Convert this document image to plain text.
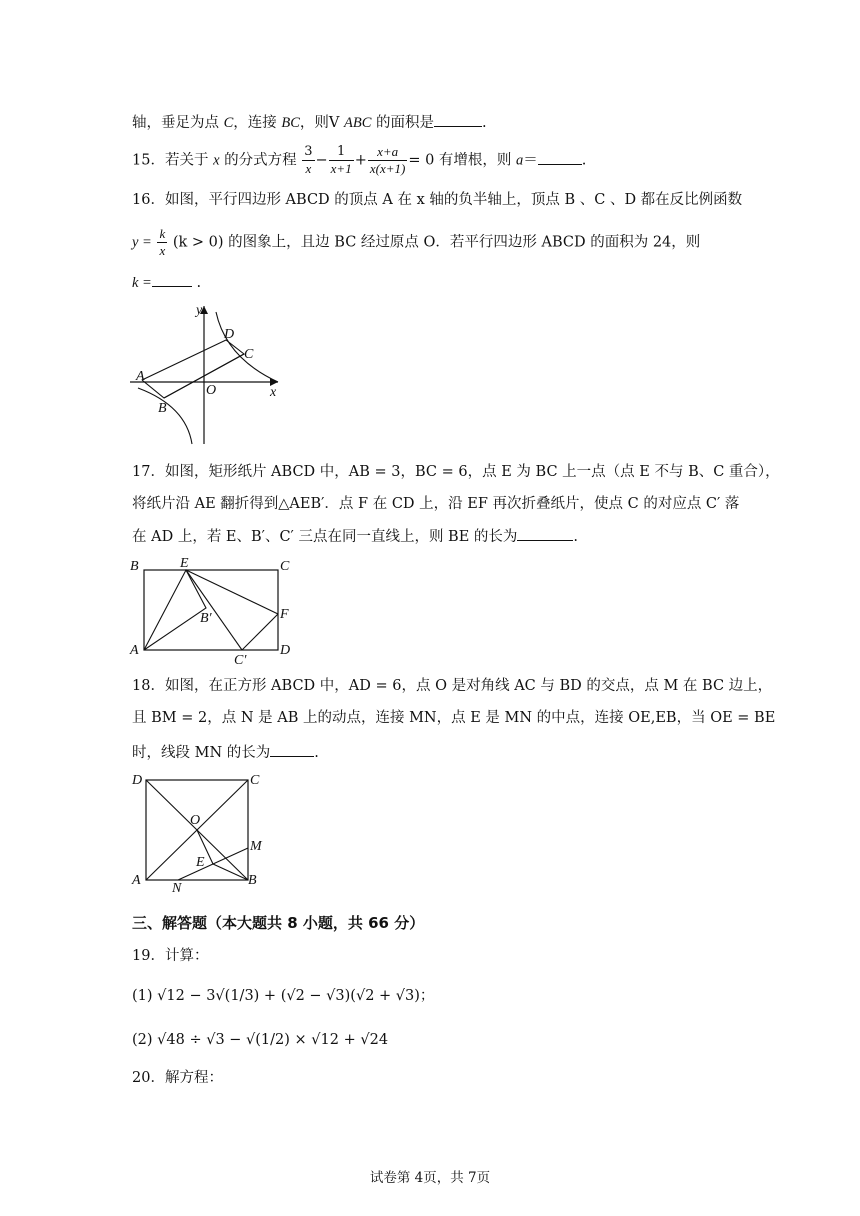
轴，垂足为点 C，连接 BC，则V ABC 的面积是	.
15．若关于 x 的分式方程 $\frac{3}{x} - \frac{1}{x+1} + \frac{x+a}{x(x+1)} = 0$ 有增根，则 a＝	.
16．如图，平行四边形 ABCD 的顶点 A 在 x 轴的负半轴上，顶点 B 、C 、D 都在反比例函数
$y = \frac{k}{x} (k > 0)$ 的图象上，且边 BC 经过原点 O．若平行四边形 ABCD 的面积为 24，则
k =	.
y
x
O
A
B
C
D
17．如图，矩形纸片 ABCD 中，AB = 3，BC = 6，点 E 为 BC 上一点（点 E 不与 B、C 重合），
将纸片沿 AE 翻折得到△AEB′．点 F 在 CD 上，沿 EF 再次折叠纸片，使点 C 的对应点 C′ 落
在 AD 上，若 E、B′、C′ 三点在同一直线上，则 BE 的长为	.
B	E	C
F
B′
A
C′
D
18．如图，在正方形 ABCD 中，AD = 6，点 O 是对角线 AC 与 BD 的交点，点 M 在 BC 边上，
且 BM = 2，点 N 是 AB 上的动点，连接 MN，点 E 是 MN 的中点，连接 OE,EB，当 OE = BE
时，线段 MN 的长为	.
D	C
O
M
E
A
N
B
三、解答题（本大题共 8 小题，共 66 分）
19．计算：
(1) √12 − 3√(1/3) + (√2 − √3)(√2 + √3)；
(2) √48 ÷ √3 − √(1/2) × √12 + √24
20．解方程：
试卷第 4页，共 7页
